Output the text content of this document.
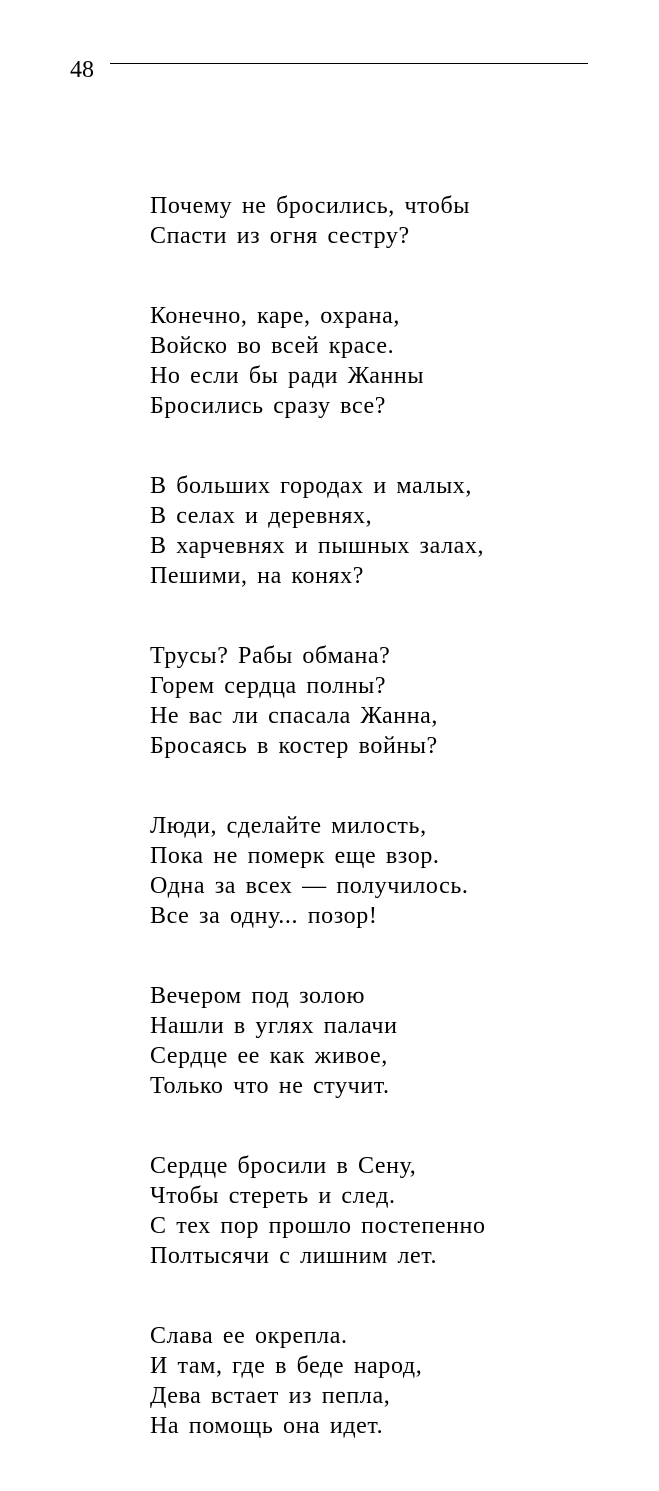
48
Почему не бросились, чтобы
Спасти из огня сестру?
Конечно, каре, охрана,
Войско во всей красе.
Но если бы ради Жанны
Бросились сразу все?
В больших городах и малых,
В селах и деревнях,
В харчевнях и пышных залах,
Пешими, на конях?
Трусы? Рабы обмана?
Горем сердца полны?
Не вас ли спасала Жанна,
Бросаясь в костер войны?
Люди, сделайте милость,
Пока не померк еще взор.
Одна за всех — получилось.
Все за одну... позор!
Вечером под золою
Нашли в углях палачи
Сердце ее как живое,
Только что не стучит.
Сердце бросили в Сену,
Чтобы стереть и след.
С тех пор прошло постепенно
Полтысячи с лишним лет.
Слава ее окрепла.
И там, где в беде народ,
Дева встает из пепла,
На помощь она идет.
